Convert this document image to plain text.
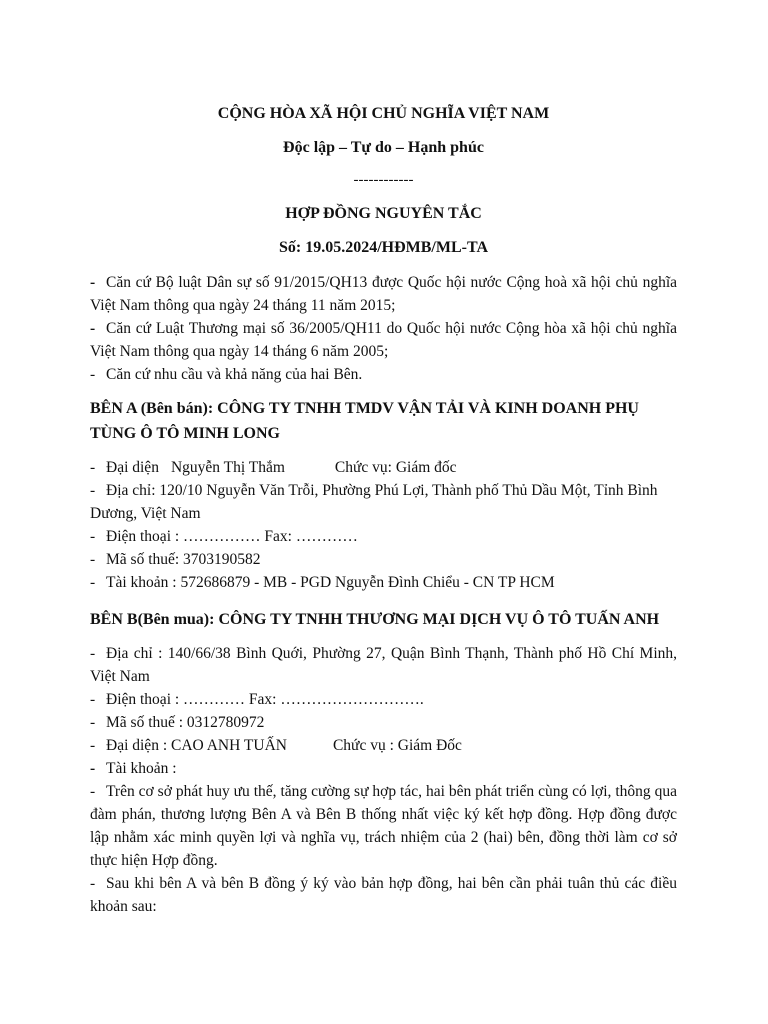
CỘNG HÒA XÃ HỘI CHỦ NGHĨA VIỆT NAM
Độc lập – Tự do – Hạnh phúc
------------
HỢP ĐỒNG NGUYÊN TẮC
Số: 19.05.2024/HĐMB/ML-TA

- Căn cứ Bộ luật Dân sự số 91/2015/QH13 được Quốc hội nước Cộng hoà xã hội chủ nghĩa Việt Nam thông qua ngày 24 tháng 11 năm 2015;

- Căn cứ Luật Thương mại số 36/2005/QH11 do Quốc hội nước Cộng hòa xã hội chủ nghĩa Việt Nam thông qua ngày 14 tháng 6 năm 2005;

- Căn cứ nhu cầu và khả năng của hai Bên.

BÊN A (Bên bán): CÔNG TY TNHH TMDV VẬN TẢI VÀ KINH DOANH PHỤ TÙNG Ô TÔ MINH LONG

- Đại diện Nguyễn Thị Thắm	Chức vụ: Giám đốc

- Địa chỉ: 120/10 Nguyễn Văn Trỗi, Phường Phú Lợi, Thành phố Thủ Dầu Một, Tỉnh Bình Dương, Việt Nam

- Điện thoại : …………… Fax: …………

- Mã số thuế: 3703190582

- Tài khoản : 572686879 - MB - PGD Nguyễn Đình Chiểu - CN TP HCM

BÊN B(Bên mua): CÔNG TY TNHH THƯƠNG MẠI DỊCH VỤ Ô TÔ TUẤN ANH

- Địa chỉ : 140/66/38 Bình Quới, Phường 27, Quận Bình Thạnh, Thành phố Hồ Chí Minh, Việt Nam

- Điện thoại : ………… Fax: ……………………….

- Mã số thuế : 0312780972

- Đại diện : CAO ANH TUẤN	Chức vụ : Giám Đốc

- Tài khoản :

- Trên cơ sở phát huy ưu thế, tăng cường sự hợp tác, hai bên phát triển cùng có lợi, thông qua đàm phán, thương lượng Bên A và Bên B thống nhất việc ký kết hợp đồng. Hợp đồng được lập nhằm xác minh quyền lợi và nghĩa vụ, trách nhiệm của 2 (hai) bên, đồng thời làm cơ sở thực hiện Hợp đồng.

- Sau khi bên A và bên B đồng ý ký vào bản hợp đồng, hai bên cần phải tuân thủ các điều khoản sau:
